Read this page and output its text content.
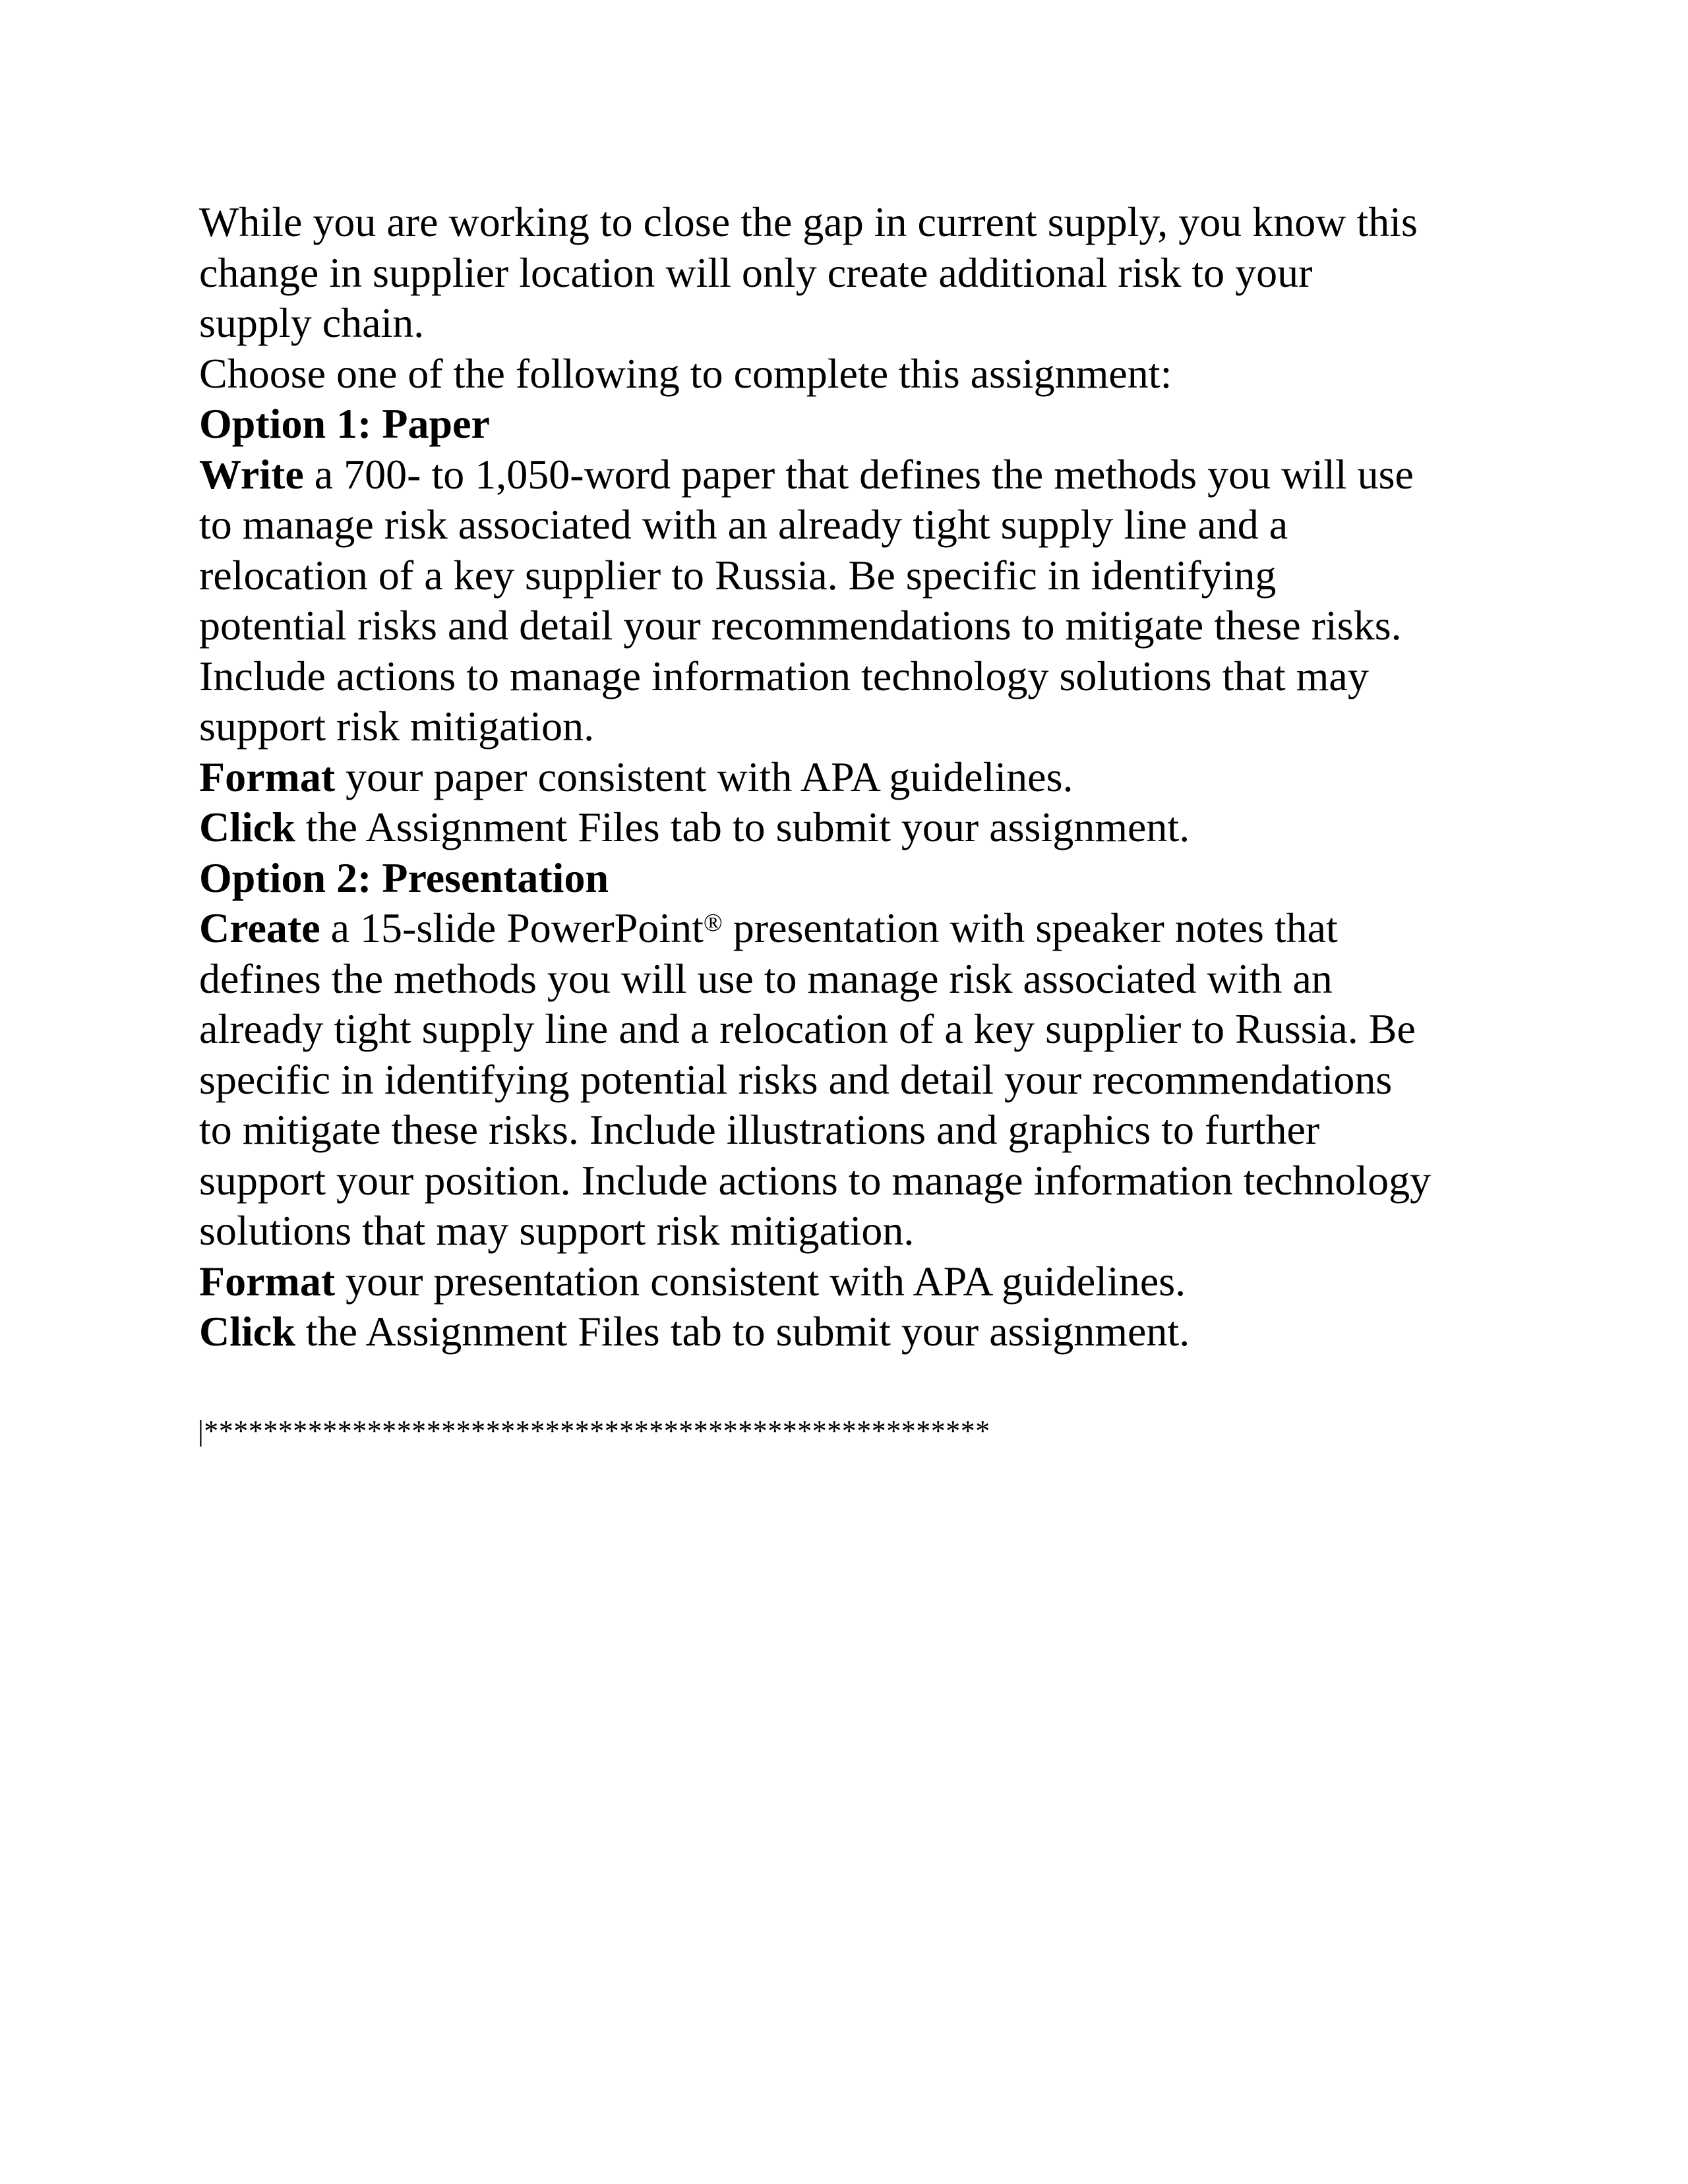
While you are working to close the gap in current supply, you know this
change in supplier location will only create additional risk to your
supply chain.
Choose one of the following to complete this assignment:
Option 1: Paper
Write a 700- to 1,050-word paper that defines the methods you will use
to manage risk associated with an already tight supply line and a
relocation of a key supplier to Russia. Be specific in identifying
potential risks and detail your recommendations to mitigate these risks.
Include actions to manage information technology solutions that may
support risk mitigation.
Format your paper consistent with APA guidelines.
Click the Assignment Files tab to submit your assignment.
Option 2: Presentation
Create a 15-slide PowerPoint® presentation with speaker notes that
defines the methods you will use to manage risk associated with an
already tight supply line and a relocation of a key supplier to Russia. Be
specific in identifying potential risks and detail your recommendations
to mitigate these risks. Include illustrations and graphics to further
support your position. Include actions to manage information technology
solutions that may support risk mitigation.
Format your presentation consistent with APA guidelines.
Click the Assignment Files tab to submit your assignment.
|*****************************************************
